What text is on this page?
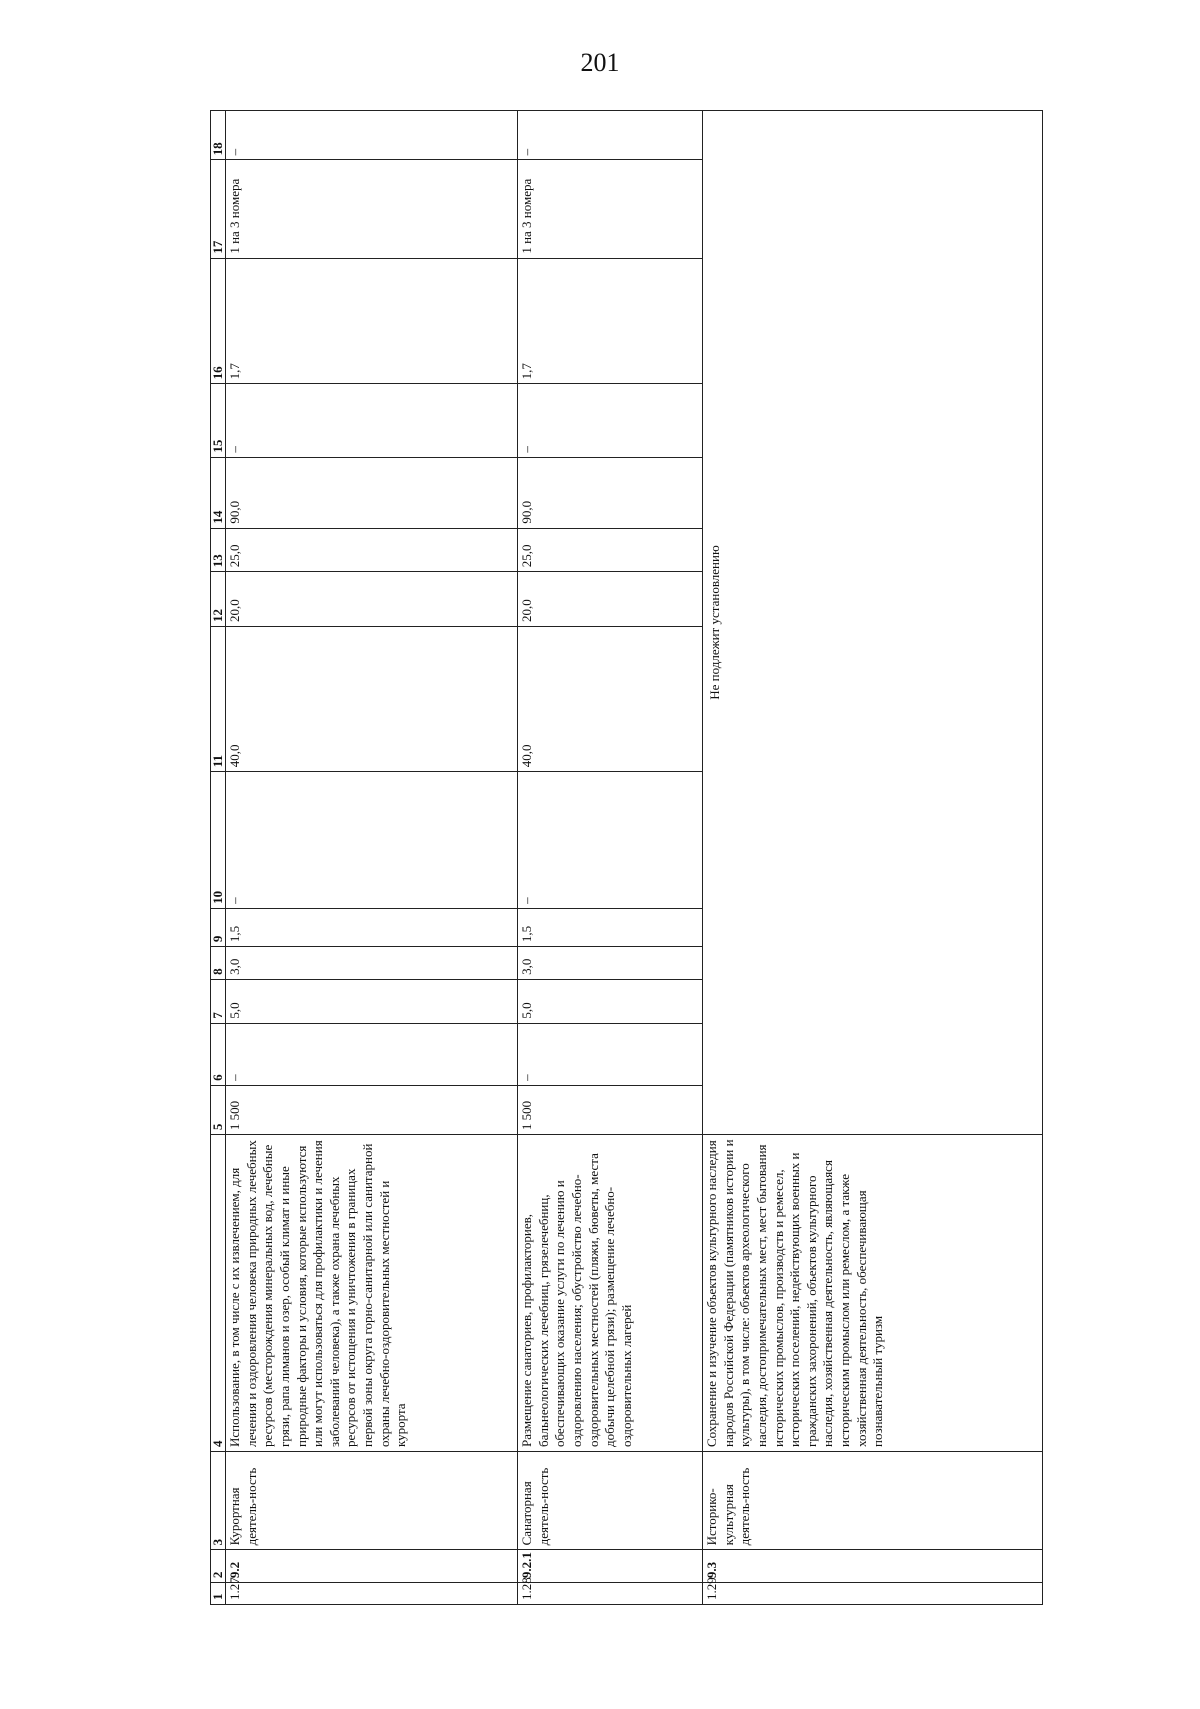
201
1	2	3	4	5	6	7	8	9	10	11	12	13	14	15	16	17	18
1.27	9.2	Курортная деятель-ность	Использование, в том числе с их извлечением, для лечения и оздоровления человека природных лечебных ресурсов (месторождения минеральных вод, лечебные грязи, рапа лиманов и озер, особый климат и иные природные факторы и условия, которые используются или могут использоваться для профилактики и лечения заболеваний человека), а также охрана лечебных ресурсов от истощения и уничтожения в границах первой зоны округа горно-санитарной или санитарной охраны лечебно-оздоровительных местностей и курорта	1 500	–	5,0	3,0	1,5	–	40,0	20,0	25,0	90,0	–	1,7	1 на 3 номера	–
1.28	9.2.1	Санаторная деятель-ность	Размещение санаториев, профилакториев, бальнеологических лечебниц, грязелечебниц, обеспечивающих оказание услуги по лечению и оздоровлению населения; обустройство лечебно-оздоровительных местностей (пляжи, бюветы, места добычи целебной грязи); размещение лечебно-оздоровительных лагерей	1 500	–	5,0	3,0	1,5	–	40,0	20,0	25,0	90,0	–	1,7	1 на 3 номера	–
1.29	9.3	Историко-культурная деятель-ность	Сохранение и изучение объектов культурного наследия народов Российской Федерации (памятников истории и культуры), в том числе: объектов археологического наследия, достопримечательных мест, мест бытования исторических промыслов, производств и ремесел, исторических поселений, недействующих военных и гражданских захоронений, объектов культурного наследия, хозяйственная деятельность, являющаяся историческим промыслом или ремеслом, а также хозяйственная деятельность, обеспечивающая познавательный туризм	Не подлежит установлению													
